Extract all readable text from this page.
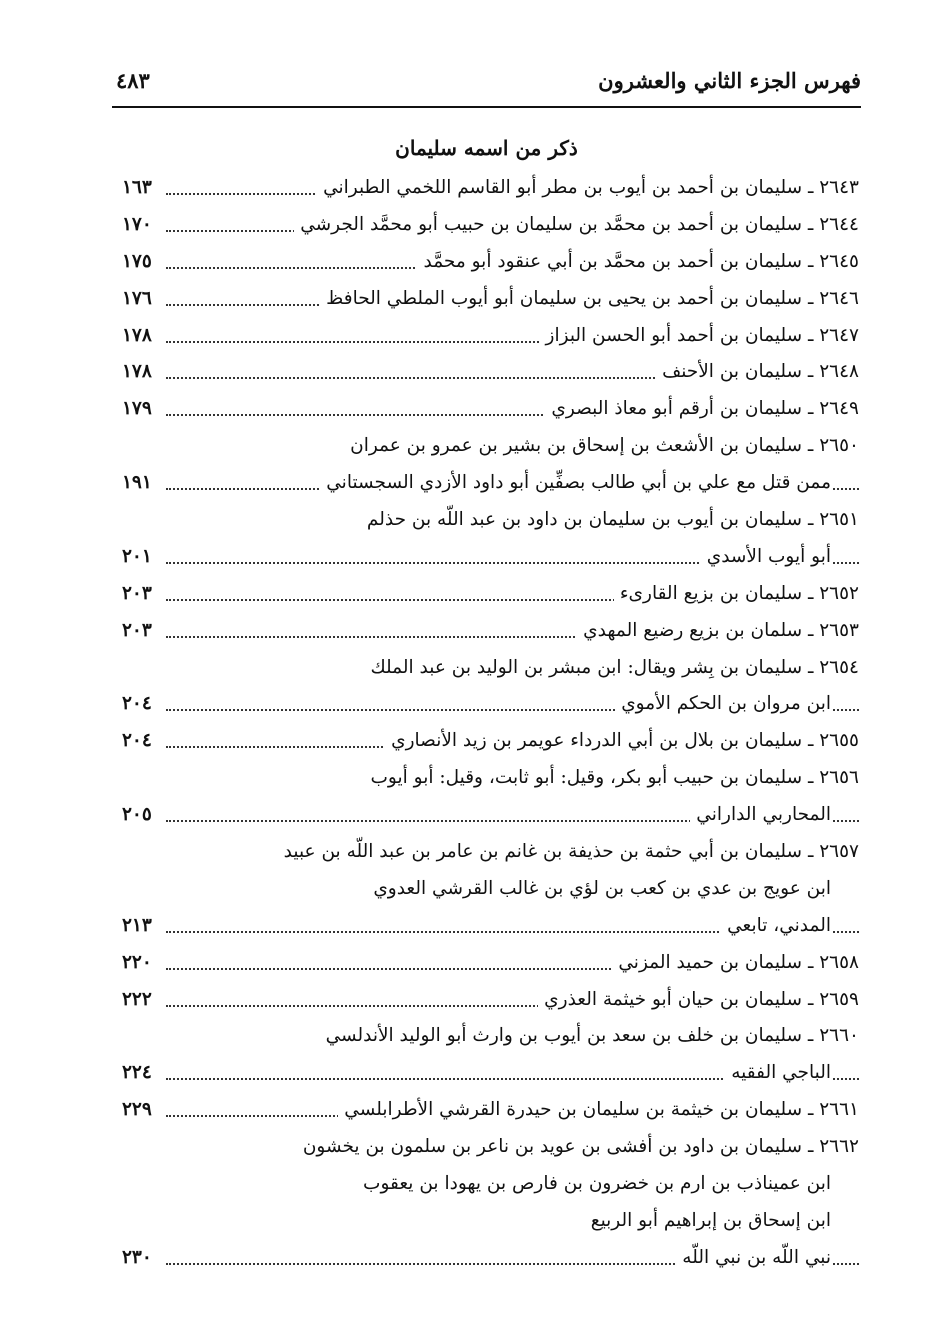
فهرس الجزء الثاني والعشرون
٤٨٣
ذكر من اسمه سليمان
١٦٣	٢٦٤٣ ـ سليمان بن أحمد بن أيوب بن مطر أبو القاسم اللخمي الطبراني
١٧٠	٢٦٤٤ ـ سليمان بن أحمد بن محمَّد بن سليمان بن حبيب أبو محمَّد الجرشي
١٧٥	٢٦٤٥ ـ سليمان بن أحمد بن محمَّد بن أبي عنقود أبو محمَّد
١٧٦	٢٦٤٦ ـ سليمان بن أحمد بن يحيى بن سليمان أبو أيوب الملطي الحافظ
١٧٨	٢٦٤٧ ـ سليمان بن أحمد أبو الحسن البزاز
١٧٨	٢٦٤٨ ـ سليمان بن الأحنف
١٧٩	٢٦٤٩ ـ سليمان بن أرقم أبو معاذ البصري
٢٦٥٠ ـ سليمان بن الأشعث بن إسحاق بن بشير بن عمرو بن عمران
١٩١	ممن قتل مع علي بن أبي طالب بصفِّين أبو داود الأزدي السجستاني
٢٦٥١ ـ سليمان بن أيوب بن سليمان بن داود بن عبد اللّه بن حذلم
٢٠١	أبو أيوب الأسدي
٢٠٣	٢٦٥٢ ـ سليمان بن بزيع القارىء
٢٠٣	٢٦٥٣ ـ سلمان بن بزيع رضيع المهدي
٢٦٥٤ ـ سليمان بن بِشر ويقال: ابن مبشر بن الوليد بن عبد الملك
٢٠٤	ابن مروان بن الحكم الأموي
٢٠٤	٢٦٥٥ ـ سليمان بن بلال بن أبي الدرداء عويمر بن زيد الأنصاري
٢٦٥٦ ـ سليمان بن حبيب أبو بكر، وقيل: أبو ثابت، وقيل: أبو أيوب
٢٠٥	المحاربي الداراني
٢٦٥٧ ـ سليمان بن أبي حثمة بن حذيفة بن غانم بن عامر بن عبد اللّه بن عبيد
ابن عويج بن عدي بن كعب بن لؤي بن غالب القرشي العدوي
٢١٣	المدني، تابعي
٢٢٠	٢٦٥٨ ـ سليمان بن حميد المزني
٢٢٢	٢٦٥٩ ـ سليمان بن حيان أبو خيثمة العذري
٢٦٦٠ ـ سليمان بن خلف بن سعد بن أيوب بن وارث أبو الوليد الأندلسي
٢٢٤	الباجي الفقيه
٢٢٩	٢٦٦١ ـ سليمان بن خيثمة بن سليمان بن حيدرة القرشي الأطرابلسي
٢٦٦٢ ـ سليمان بن داود بن أفشى بن عويد بن ناعر بن سلمون بن يخشون
ابن عميناذب بن ارم بن خضرون بن فارص بن يهودا بن يعقوب
ابن إسحاق بن إبراهيم أبو الربيع
٢٣٠	نبي اللّه بن نبي اللّه
